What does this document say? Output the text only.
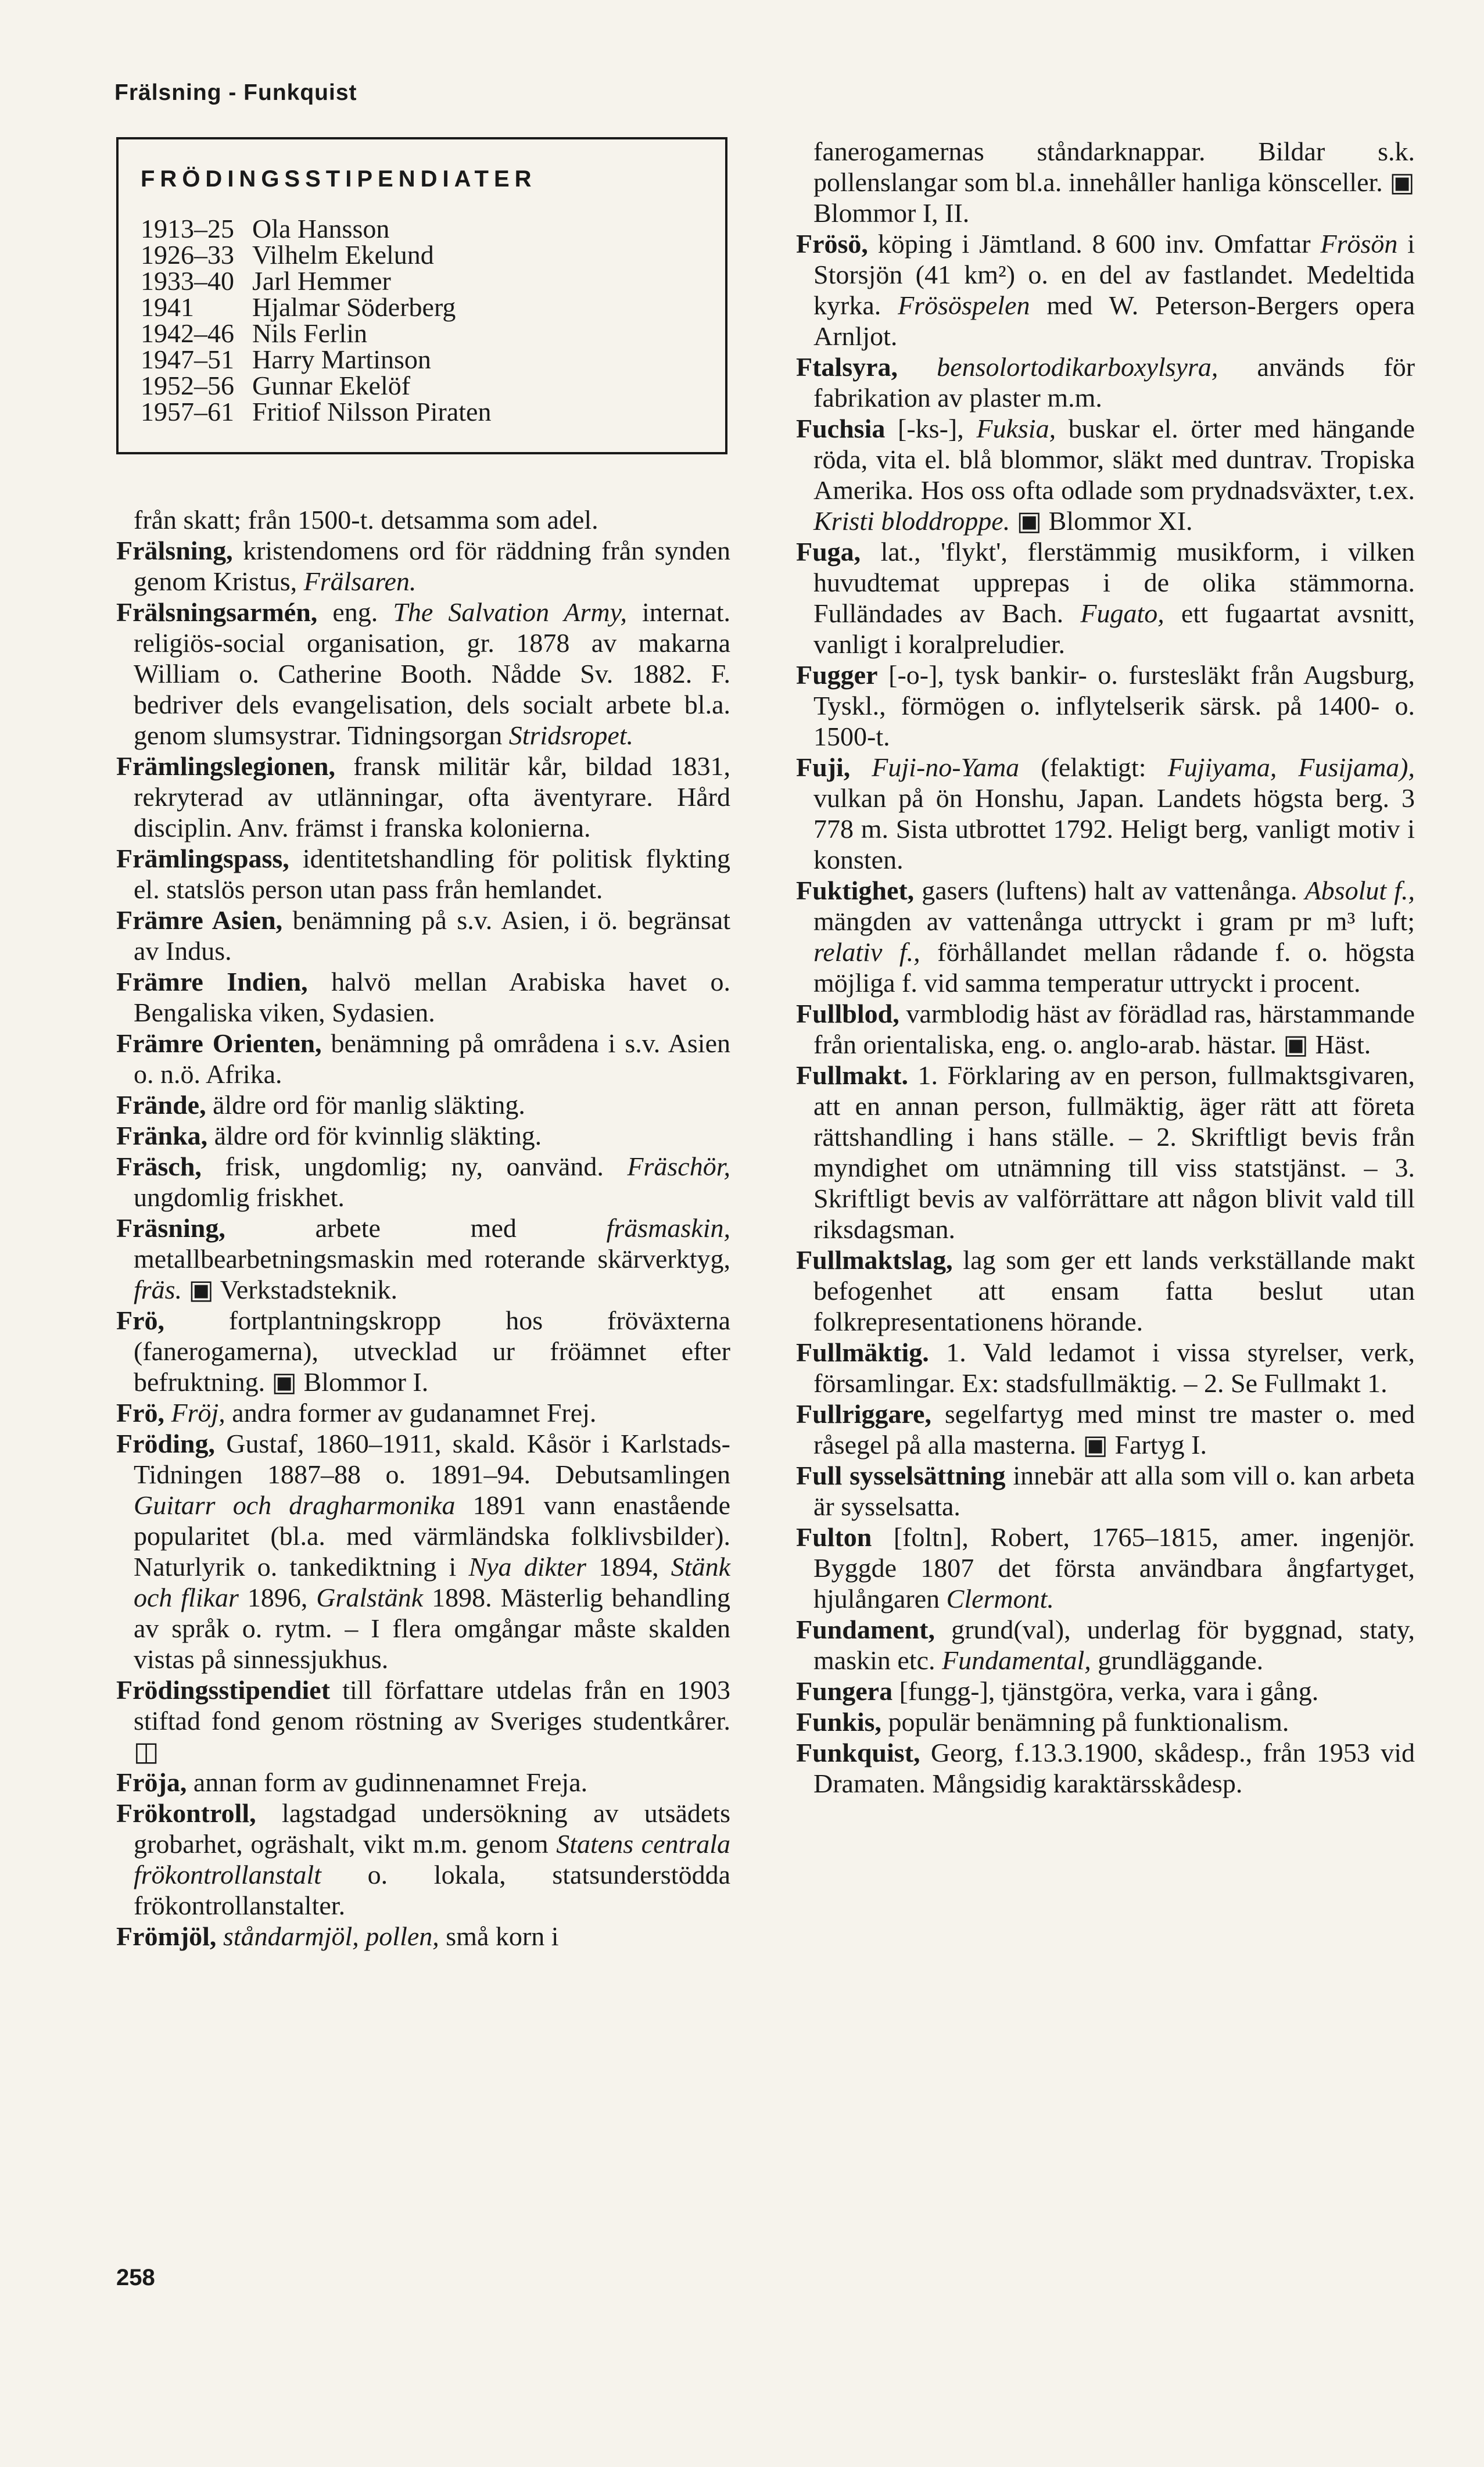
Frälsning - Funkquist
FRÖDINGSSTIPENDIATER
1913–25 Ola Hansson
1926–33 Vilhelm Ekelund
1933–40 Jarl Hemmer
1941	Hjalmar Söderberg
1942–46 Nils Ferlin
1947–51 Harry Martinson
1952–56 Gunnar Ekelöf
1957–61 Fritiof Nilsson Piraten

från skatt; från 1500-t. detsamma som adel.

Frälsning, kristendomens ord för räddning från synden genom Kristus, Frälsaren.

Frälsningsarmén, eng. The Salvation Army, internat. religiös-social organisation, gr. 1878 av makarna William o. Catherine Booth. Nådde Sv. 1882. F. bedriver dels evangelisation, dels socialt arbete bl.a. genom slumsystrar. Tidningsorgan Stridsropet.

Främlingslegionen, fransk militär kår, bildad 1831, rekryterad av utlänningar, ofta äventyrare. Hård disciplin. Anv. främst i franska kolonierna.

Främlingspass, identitetshandling för politisk flykting el. statslös person utan pass från hemlandet.

Främre Asien, benämning på s.v. Asien, i ö. begränsat av Indus.

Främre Indien, halvö mellan Arabiska havet o. Bengaliska viken, Sydasien.

Främre Orienten, benämning på områdena i s.v. Asien o. n.ö. Afrika.

Frände, äldre ord för manlig släkting.

Fränka, äldre ord för kvinnlig släkting.

Fräsch, frisk, ungdomlig; ny, oanvänd. Fräschör, ungdomlig friskhet.

Fräsning, arbete med fräsmaskin, metallbearbetningsmaskin med roterande skärverktyg, fräs. ▣ Verkstadsteknik.

Frö, fortplantningskropp hos fröväxterna (fanerogamerna), utvecklad ur fröämnet efter befruktning. ▣ Blommor I.

Frö, Fröj, andra former av gudanamnet Frej.

Fröding, Gustaf, 1860–1911, skald. Kåsör i Karlstads-Tidningen 1887–88 o. 1891–94. Debutsamlingen Guitarr och dragharmonika 1891 vann enastående popularitet (bl.a. med värmländska folklivsbilder). Naturlyrik o. tankediktning i Nya dikter 1894, Stänk och flikar 1896, Gralstänk 1898. Mästerlig behandling av språk o. rytm. – I flera omgångar måste skalden vistas på sinnessjukhus.

Frödingsstipendiet till författare utdelas från en 1903 stiftad fond genom röstning av Sveriges studentkårer. ◫

Fröja, annan form av gudinnenamnet Freja.

Frökontroll, lagstadgad undersökning av utsädets grobarhet, ogräshalt, vikt m.m. genom Statens centrala frökontrollanstalt o. lokala, statsunderstödda frökontrollanstalter.

Frömjöl, ståndarmjöl, pollen, små korn i

fanerogamernas ståndarknappar. Bildar s.k. pollenslangar som bl.a. innehåller hanliga könsceller. ▣ Blommor I, II.

Frösö, köping i Jämtland. 8 600 inv. Omfattar Frösön i Storsjön (41 km²) o. en del av fastlandet. Medeltida kyrka. Frösöspelen med W. Peterson-Bergers opera Arnljot.

Ftalsyra, bensolortodikarboxylsyra, används för fabrikation av plaster m.m.

Fuchsia [-ks-], Fuksia, buskar el. örter med hängande röda, vita el. blå blommor, släkt med duntrav. Tropiska Amerika. Hos oss ofta odlade som prydnadsväxter, t.ex. Kristi bloddroppe. ▣ Blommor XI.

Fuga, lat., 'flykt', flerstämmig musikform, i vilken huvudtemat upprepas i de olika stämmorna. Fulländades av Bach. Fugato, ett fugaartat avsnitt, vanligt i koralpreludier.

Fugger [-o-], tysk bankir- o. furstesläkt från Augsburg, Tyskl., förmögen o. inflytelserik särsk. på 1400- o. 1500-t.

Fuji, Fuji-no-Yama (felaktigt: Fujiyama, Fusijama), vulkan på ön Honshu, Japan. Landets högsta berg. 3 778 m. Sista utbrottet 1792. Heligt berg, vanligt motiv i konsten.

Fuktighet, gasers (luftens) halt av vattenånga. Absolut f., mängden av vattenånga uttryckt i gram pr m³ luft; relativ f., förhållandet mellan rådande f. o. högsta möjliga f. vid samma temperatur uttryckt i procent.

Fullblod, varmblodig häst av förädlad ras, härstammande från orientaliska, eng. o. anglo-arab. hästar. ▣ Häst.

Fullmakt. 1. Förklaring av en person, fullmaktsgivaren, att en annan person, fullmäktig, äger rätt att företa rättshandling i hans ställe. – 2. Skriftligt bevis från myndighet om utnämning till viss statstjänst. – 3. Skriftligt bevis av valförrättare att någon blivit vald till riksdagsman.

Fullmaktslag, lag som ger ett lands verkställande makt befogenhet att ensam fatta beslut utan folkrepresentationens hörande.

Fullmäktig. 1. Vald ledamot i vissa styrelser, verk, församlingar. Ex: stadsfullmäktig. – 2. Se Fullmakt 1.

Fullriggare, segelfartyg med minst tre master o. med råsegel på alla masterna. ▣ Fartyg I.

Full sysselsättning innebär att alla som vill o. kan arbeta är sysselsatta.

Fulton [foltn], Robert, 1765–1815, amer. ingenjör. Byggde 1807 det första användbara ångfartyget, hjulångaren Clermont.

Fundament, grund(val), underlag för byggnad, staty, maskin etc. Fundamental, grundläggande.

Fungera [fungg-], tjänstgöra, verka, vara i gång.

Funkis, populär benämning på funktionalism.

Funkquist, Georg, f.13.3.1900, skådesp., från 1953 vid Dramaten. Mångsidig karaktärsskådesp.

258
